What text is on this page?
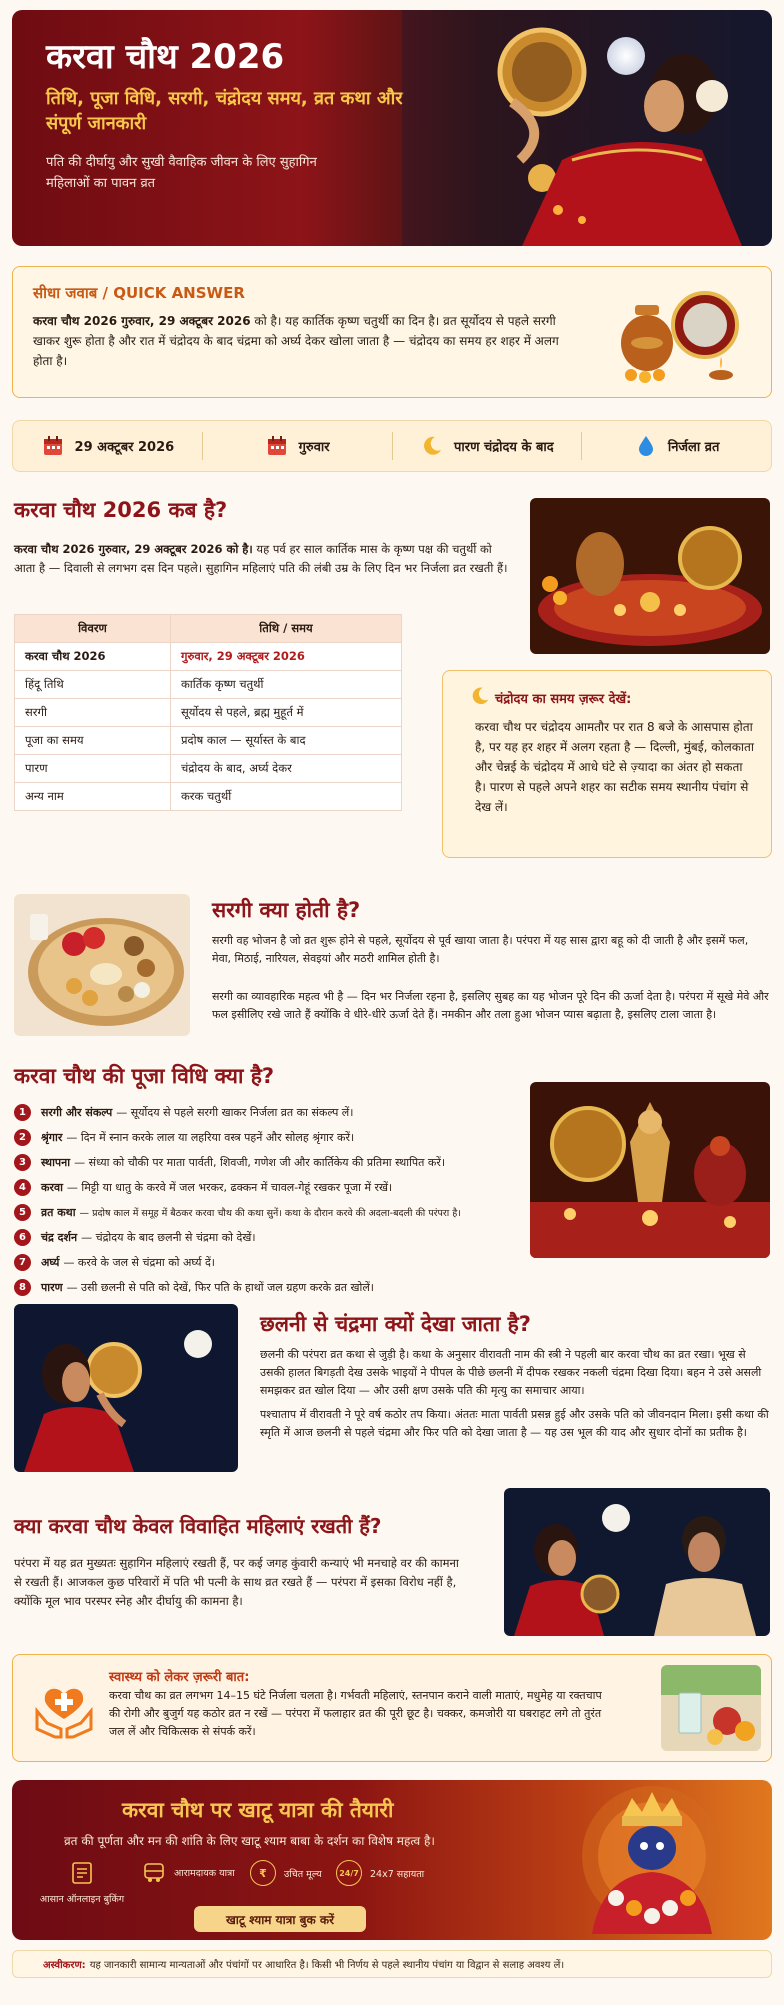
करवा चौथ 2026
तिथि, पूजा विधि, सरगी, चंद्रोदय समय, व्रत कथा और संपूर्ण जानकारी
पति की दीर्घायु और सुखी वैवाहिक जीवन के लिए सुहागिन महिलाओं का पावन व्रत
सीधा जवाब / QUICK ANSWER

करवा चौथ 2026 गुरुवार, 29 अक्टूबर 2026 को है। यह कार्तिक कृष्ण चतुर्थी का दिन है। व्रत सूर्योदय से पहले सरगी खाकर शुरू होता है और रात में चंद्रोदय के बाद चंद्रमा को अर्घ्य देकर खोला जाता है — चंद्रोदय का समय हर शहर में अलग होता है।

29 अक्टूबर 2026	गुरुवार	पारण चंद्रोदय के बाद	निर्जला व्रत
करवा चौथ 2026 कब है?

करवा चौथ 2026 गुरुवार, 29 अक्टूबर 2026 को है। यह पर्व हर साल कार्तिक मास के कृष्ण पक्ष की चतुर्थी को आता है — दिवाली से लगभग दस दिन पहले। सुहागिन महिलाएं पति की लंबी उम्र के लिए दिन भर निर्जला व्रत रखती हैं।

विवरण	तिथि / समय
करवा चौथ 2026	गुरुवार, 29 अक्टूबर 2026
हिंदू तिथि	कार्तिक कृष्ण चतुर्थी
सरगी	सूर्योदय से पहले, ब्रह्म मुहूर्त में
पूजा का समय	प्रदोष काल — सूर्यास्त के बाद
पारण	चंद्रोदय के बाद, अर्घ्य देकर
अन्य नाम	करक चतुर्थी
चंद्रोदय का समय ज़रूर देखें:

करवा चौथ पर चंद्रोदय आमतौर पर रात 8 बजे के आसपास होता है, पर यह हर शहर में अलग रहता है — दिल्ली, मुंबई, कोलकाता और चेन्नई के चंद्रोदय में आधे घंटे से ज़्यादा का अंतर हो सकता है। पारण से पहले अपने शहर का सटीक समय स्थानीय पंचांग से देख लें।

सरगी क्या होती है?

सरगी वह भोजन है जो व्रत शुरू होने से पहले, सूर्योदय से पूर्व खाया जाता है। परंपरा में यह सास द्वारा बहू को दी जाती है और इसमें फल, मेवा, मिठाई, नारियल, सेवइयां और मठरी शामिल होती है।

सरगी का व्यावहारिक महत्व भी है — दिन भर निर्जला रहना है, इसलिए सुबह का यह भोजन पूरे दिन की ऊर्जा देता है। परंपरा में सूखे मेवे और फल इसीलिए रखे जाते हैं क्योंकि वे धीरे-धीरे ऊर्जा देते हैं। नमकीन और तला हुआ भोजन प्यास बढ़ाता है, इसलिए टाला जाता है।

करवा चौथ की पूजा विधि क्या है?
1	सरगी और संकल्प — सूर्योदय से पहले सरगी खाकर निर्जला व्रत का संकल्प लें।
2	श्रृंगार — दिन में स्नान करके लाल या लहरिया वस्त्र पहनें और सोलह श्रृंगार करें।
3	स्थापना — संध्या को चौकी पर माता पार्वती, शिवजी, गणेश जी और कार्तिकेय की प्रतिमा स्थापित करें।
4	करवा — मिट्टी या धातु के करवे में जल भरकर, ढक्कन में चावल-गेहूं रखकर पूजा में रखें।
5	व्रत कथा — प्रदोष काल में समूह में बैठकर करवा चौथ की कथा सुनें। कथा के दौरान करवे की अदला-बदली की परंपरा है।
6	चंद्र दर्शन — चंद्रोदय के बाद छलनी से चंद्रमा को देखें।
7	अर्घ्य — करवे के जल से चंद्रमा को अर्घ्य दें।
8	पारण — उसी छलनी से पति को देखें, फिर पति के हाथों जल ग्रहण करके व्रत खोलें।
छलनी से चंद्रमा क्यों देखा जाता है?

छलनी की परंपरा व्रत कथा से जुड़ी है। कथा के अनुसार वीरावती नाम की स्त्री ने पहली बार करवा चौथ का व्रत रखा। भूख से उसकी हालत बिगड़ती देख उसके भाइयों ने पीपल के पीछे छलनी में दीपक रखकर नकली चंद्रमा दिखा दिया। बहन ने उसे असली समझकर व्रत खोल दिया — और उसी क्षण उसके पति की मृत्यु का समाचार आया।

पश्चाताप में वीरावती ने पूरे वर्ष कठोर तप किया। अंततः माता पार्वती प्रसन्न हुई और उसके पति को जीवनदान मिला। इसी कथा की स्मृति में आज छलनी से पहले चंद्रमा और फिर पति को देखा जाता है — यह उस भूल की याद और सुधार दोनों का प्रतीक है।

क्या करवा चौथ केवल विवाहित महिलाएं रखती हैं?

परंपरा में यह व्रत मुख्यतः सुहागिन महिलाएं रखती हैं, पर कई जगह कुंवारी कन्याएं भी मनचाहे वर की कामना से रखती हैं। आजकल कुछ परिवारों में पति भी पत्नी के साथ व्रत रखते हैं — परंपरा में इसका विरोध नहीं है, क्योंकि मूल भाव परस्पर स्नेह और दीर्घायु की कामना है।

स्वास्थ्य को लेकर ज़रूरी बात:

करवा चौथ का व्रत लगभग 14–15 घंटे निर्जला चलता है। गर्भवती महिलाएं, स्तनपान कराने वाली माताएं, मधुमेह या रक्तचाप की रोगी और बुजुर्ग यह कठोर व्रत न रखें — परंपरा में फलाहार व्रत की पूरी छूट है। चक्कर, कमजोरी या घबराहट लगे तो तुरंत जल लें और चिकित्सक से संपर्क करें।

करवा चौथ पर खाटू यात्रा की तैयारी
व्रत की पूर्णता और मन की शांति के लिए खाटू श्याम बाबा के दर्शन का विशेष महत्व है।
आसान ऑनलाइन बुकिंग
आरामदायक यात्रा	₹	उचित मूल्य	24/7	24x7 सहायता
खाटू श्याम यात्रा बुक करें
अस्वीकरण: यह जानकारी सामान्य मान्यताओं और पंचांगों पर आधारित है। किसी भी निर्णय से पहले स्थानीय पंचांग या विद्वान से सलाह अवश्य लें।
